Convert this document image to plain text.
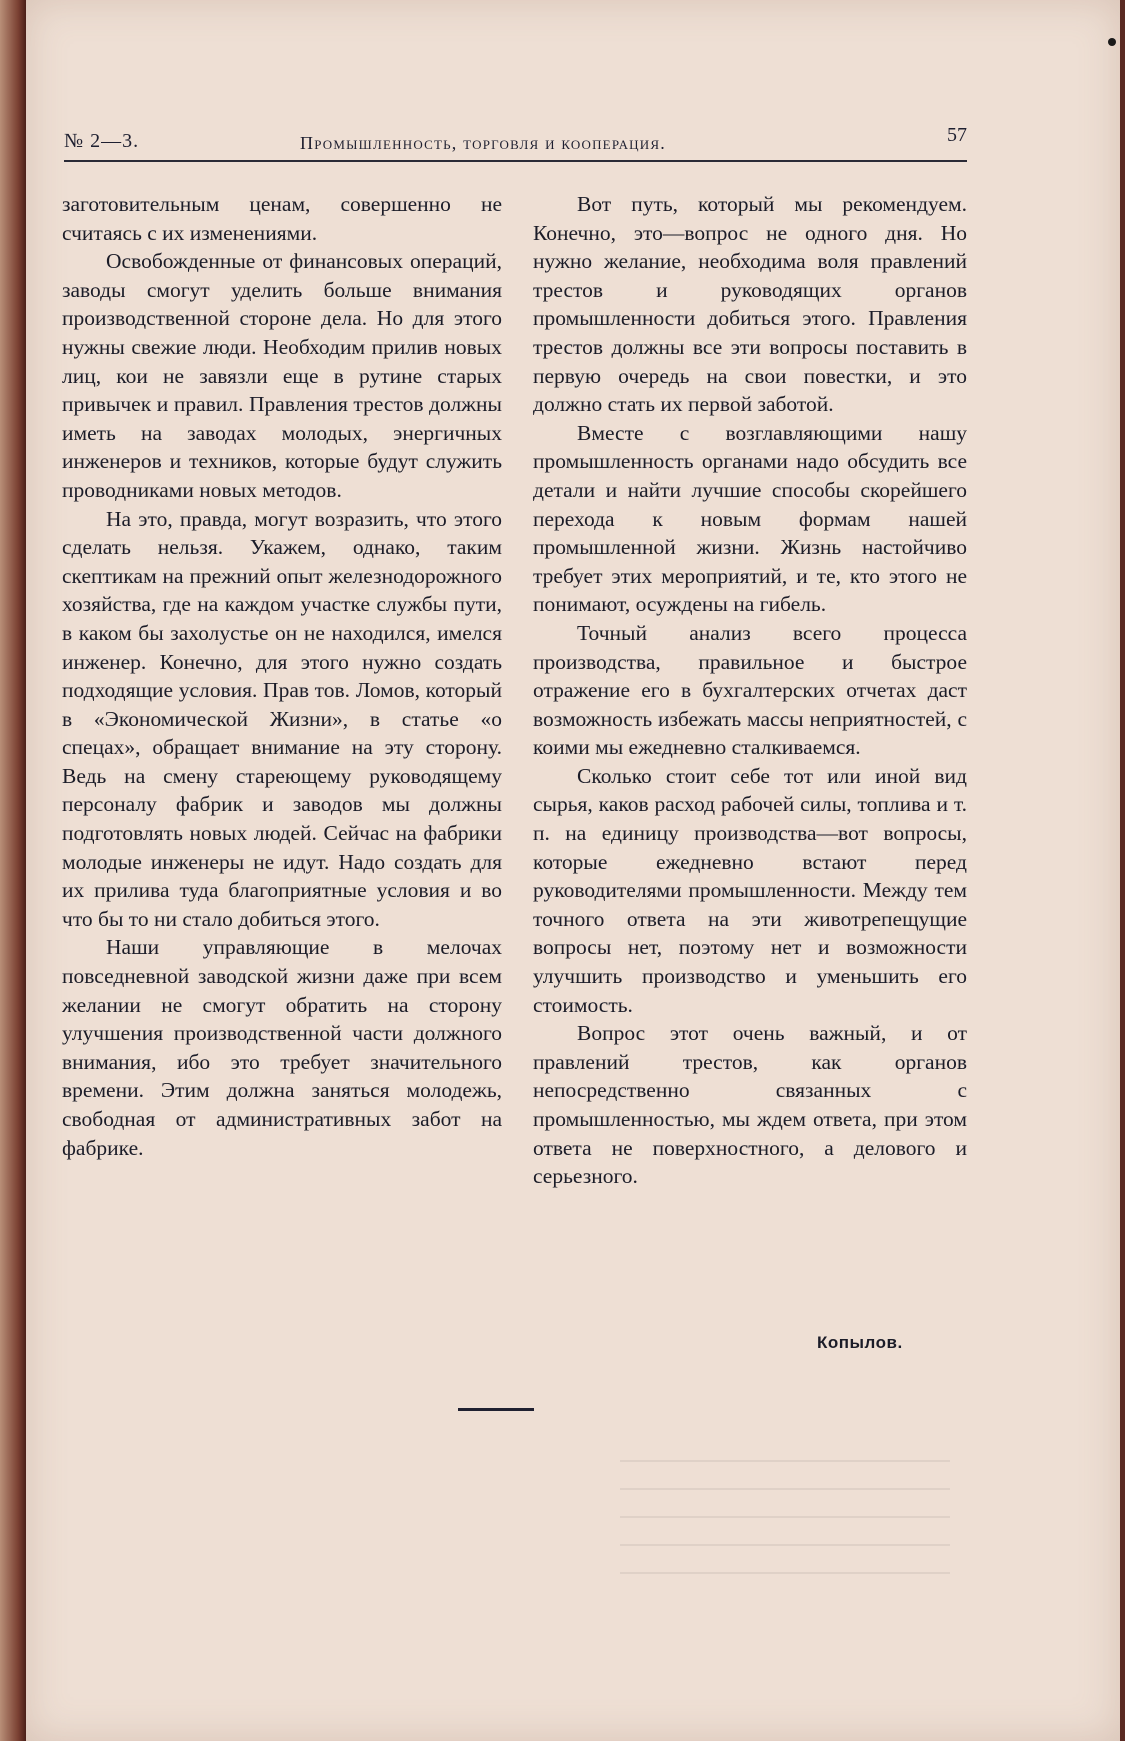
№ 2—3.	Промышленность, торговля и кооперация.	57

заготовительным ценам, совершенно не считаясь с их изменениями.

Освобожденные от финансовых операций, заводы смогут уделить больше внимания производственной стороне дела. Но для этого нужны свежие люди. Необходим прилив новых лиц, кои не завязли еще в рутине старых привычек и правил. Правления трестов должны иметь на заводах молодых, энергичных инженеров и техников, которые будут служить проводниками новых методов.

На это, правда, могут возразить, что этого сделать нельзя. Укажем, однако, таким скептикам на прежний опыт железнодорожного хозяйства, где на каждом участке службы пути, в каком бы захолустье он не находился, имелся инженер. Конечно, для этого нужно создать подходящие условия. Прав тов. Ломов, который в «Экономической Жизни», в статье «о спецах», обращает внимание на эту сторону. Ведь на смену стареющему руководящему персоналу фабрик и заводов мы должны подготовлять новых людей. Сейчас на фабрики молодые инженеры не идут. Надо создать для их прилива туда благоприятные условия и во что бы то ни стало добиться этого.

Наши управляющие в мелочах повседневной заводской жизни даже при всем желании не смогут обратить на сторону улучшения производственной части должного внимания, ибо это требует значительного времени. Этим должна заняться молодежь, свободная от административных забот на фабрике.

Вот путь, который мы рекомендуем. Конечно, это—вопрос не одного дня. Но нужно желание, необходима воля правлений трестов и руководящих органов промышленности добиться этого. Правления трестов должны все эти вопросы поставить в первую очередь на свои повестки, и это должно стать их первой заботой.

Вместе с возглавляющими нашу промышленность органами надо обсудить все детали и найти лучшие способы скорейшего перехода к новым формам нашей промышленной жизни. Жизнь настойчиво требует этих мероприятий, и те, кто этого не понимают, осуждены на гибель.

Точный анализ всего процесса производства, правильное и быстрое отражение его в бухгалтерских отчетах даст возможность избежать массы неприятностей, с коими мы ежедневно сталкиваемся.

Сколько стоит себе тот или иной вид сырья, каков расход рабочей силы, топлива и т. п. на единицу производства—вот вопросы, которые ежедневно встают перед руководителями промышленности. Между тем точного ответа на эти животрепещущие вопросы нет, поэтому нет и возможности улучшить производство и уменьшить его стоимость.

Вопрос этот очень важный, и от правлений трестов, как органов непосредственно связанных с промышленностью, мы ждем ответа, при этом ответа не поверхностного, а делового и серьезного.

Копылов.
